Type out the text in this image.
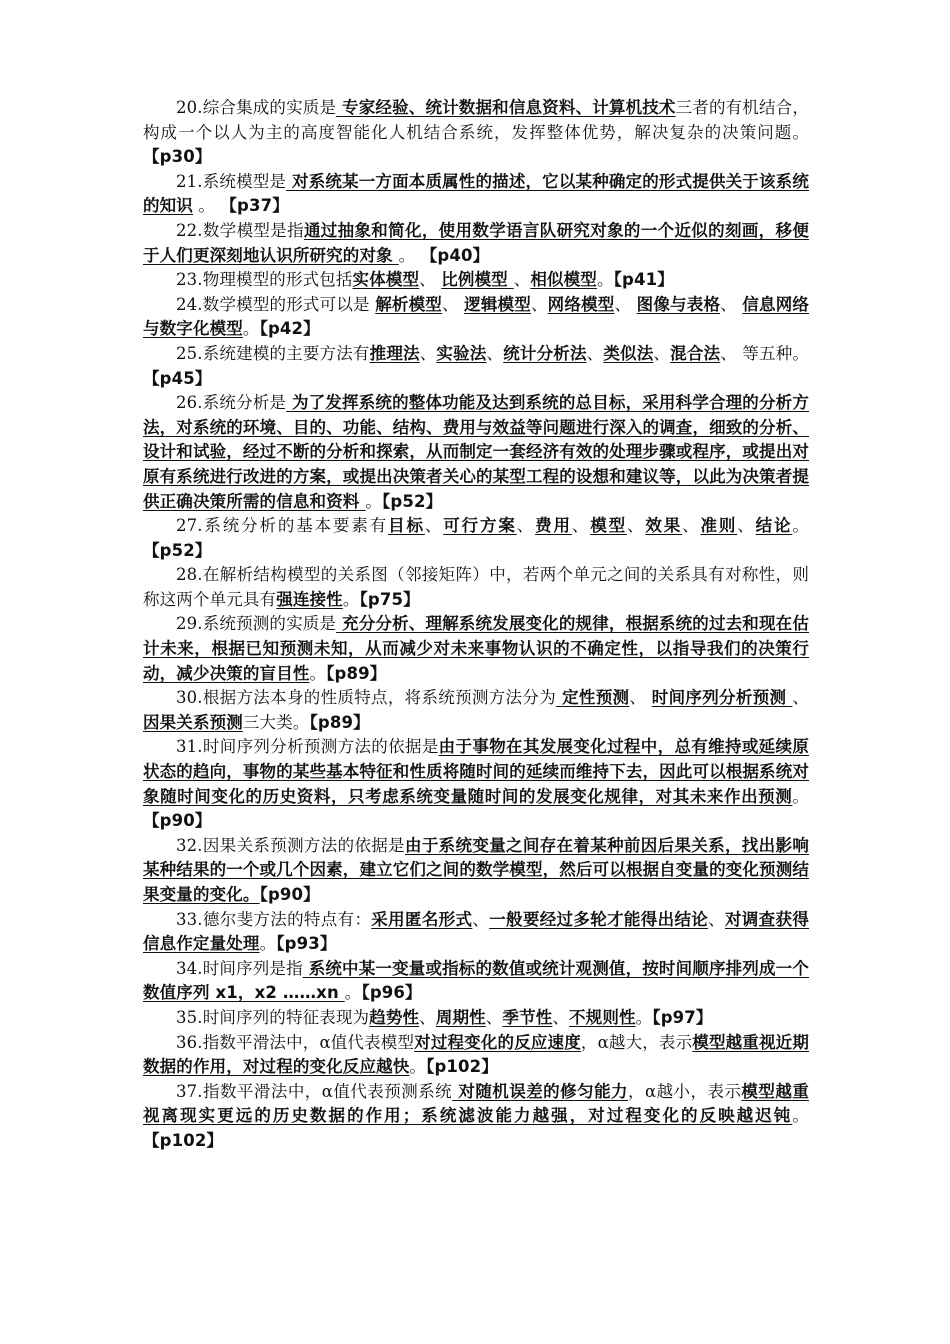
20.综合集成的实质是 专家经验、统计数据和信息资料、计算机技术三者的有机结合，构成一个以人为主的高度智能化人机结合系统，发挥整体优势，解决复杂的决策问题。【p30】

21.系统模型是 对系统某一方面本质属性的描述，它以某种确定的形式提供关于该系统的知识 。 【p37】

22.数学模型是指通过抽象和简化，使用数学语言队研究对象的一个近似的刻画，移便于人们更深刻地认识所研究的对象 。 【p40】

23.物理模型的形式包括实体模型、 比例模型 、相似模型。【p41】

24.数学模型的形式可以是 解析模型、 逻辑模型、网络模型、 图像与表格、 信息网络与数字化模型。【p42】

25.系统建模的主要方法有推理法、实验法、统计分析法、类似法、混合法、 等五种。【p45】

26.系统分析是 为了发挥系统的整体功能及达到系统的总目标，采用科学合理的分析方法，对系统的环境、目的、功能、结构、费用与效益等问题进行深入的调查，细致的分析、设计和试验，经过不断的分析和探索，从而制定一套经济有效的处理步骤或程序，或提出对原有系统进行改进的方案，或提出决策者关心的某型工程的设想和建议等，以此为决策者提供正确决策所需的信息和资料 。【p52】

27.系统分析的基本要素有目标、可行方案、费用、模型、效果、准则、结论。【p52】

28.在解析结构模型的关系图（邻接矩阵）中，若两个单元之间的关系具有对称性，则称这两个单元具有强连接性。【p75】

29.系统预测的实质是 充分分析、理解系统发展变化的规律，根据系统的过去和现在估计未来，根据已知预测未知，从而减少对未来事物认识的不确定性，以指导我们的决策行动，减少决策的盲目性。【p89】

30.根据方法本身的性质特点，将系统预测方法分为 定性预测、 时间序列分析预测 、 因果关系预测三大类。【p89】

31.时间序列分析预测方法的依据是由于事物在其发展变化过程中，总有维持或延续原状态的趋向，事物的某些基本特征和性质将随时间的延续而维持下去，因此可以根据系统对象随时间变化的历史资料，只考虑系统变量随时间的发展变化规律，对其未来作出预测。【p90】

32.因果关系预测方法的依据是由于系统变量之间存在着某种前因后果关系，找出影响某种结果的一个或几个因素，建立它们之间的数学模型，然后可以根据自变量的变化预测结果变量的变化。【p90】

33.德尔斐方法的特点有：采用匿名形式、一般要经过多轮才能得出结论、对调查获得信息作定量处理。【p93】

34.时间序列是指 系统中某一变量或指标的数值或统计观测值，按时间顺序排列成一个数值序列 x1，x2 ……xn 。【p96】

35.时间序列的特征表现为趋势性、周期性、季节性、不规则性。【p97】

36.指数平滑法中，α值代表模型对过程变化的反应速度，α越大，表示模型越重视近期数据的作用，对过程的变化反应越快。【p102】

37.指数平滑法中，α值代表预测系统 对随机误差的修匀能力，α越小，表示模型越重视离现实更远的历史数据的作用；系统滤波能力越强，对过程变化的反映越迟钝。【p102】
